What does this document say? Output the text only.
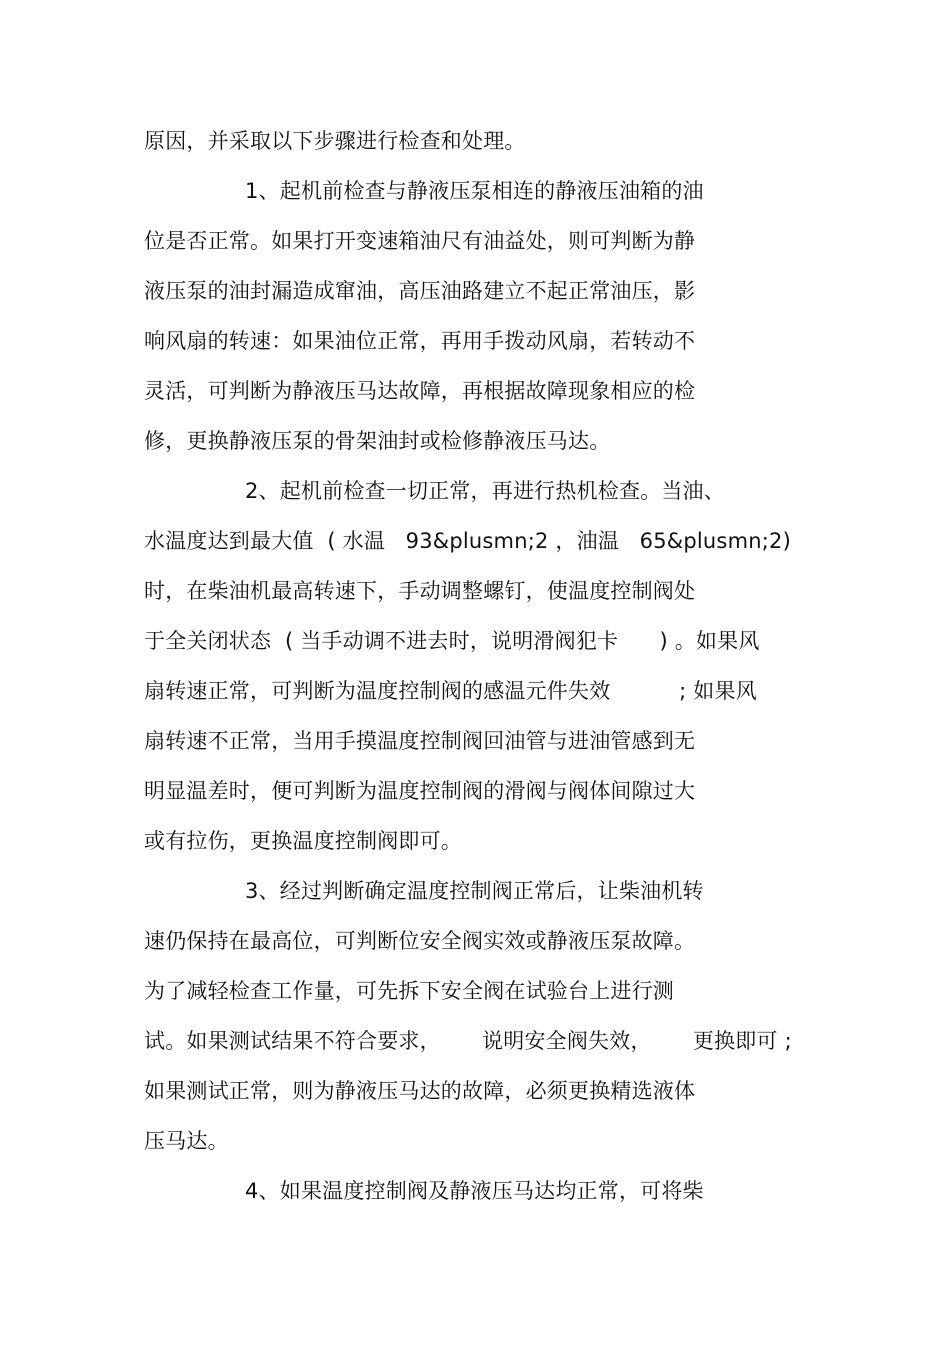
原因，并采取以下步骤进行检查和处理。
1、起机前检查与静液压泵相连的静液压油箱的油
位是否正常。如果打开变速箱油尺有油益处，则可判断为静
液压泵的油封漏造成窜油，高压油路建立不起正常油压，影
响风扇的转速：如果油位正常，再用手拨动风扇，若转动不
灵活，可判断为静液压马达故障，再根据故障现象相应的检
修，更换静液压泵的骨架油封或检修静液压马达。
2、起机前检查一切正常，再进行热机检查。当油、
水温度达到最大值  ( 水温   93&plusmn;2 ，油温   65&plusmn;2)
时，在柴油机最高转速下，手动调整螺钉，使温度控制阀处
于全关闭状态  ( 当手动调不进去时，说明滑阀犯卡      ) 。如果风
扇转速正常，可判断为温度控制阀的感温元件失效          ; 如果风
扇转速不正常，当用手摸温度控制阀回油管与进油管感到无
明显温差时，便可判断为温度控制阀的滑阀与阀体间隙过大
或有拉伤，更换温度控制阀即可。
3、经过判断确定温度控制阀正常后，让柴油机转
速仍保持在最高位，可判断位安全阀实效或静液压泵故障。
为了减轻检查工作量，可先拆下安全阀在试验台上进行测
试。如果测试结果不符合要求，      说明安全阀失效，      更换即可 ;
如果测试正常，则为静液压马达的故障，必须更换精选液体
压马达。
4、如果温度控制阀及静液压马达均正常，可将柴
